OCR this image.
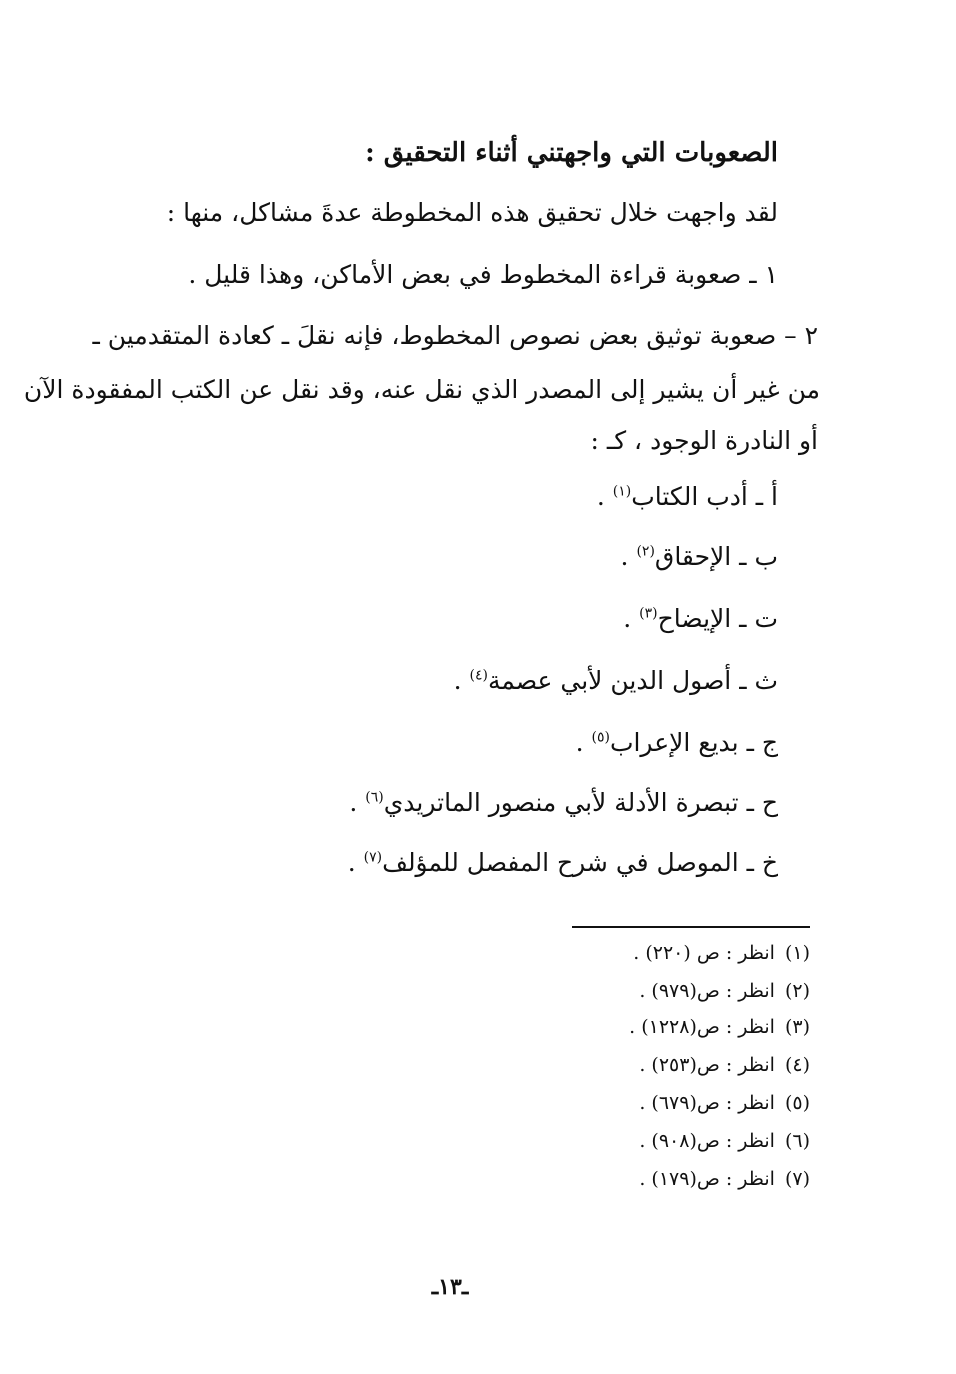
الصعوبات التي واجهتني أثناء التحقيق :
لقد واجهت خلال تحقيق هذه المخطوطة عدةَ مشاكل، منها :
١ ـ صعوبة قراءة المخطوط في بعض الأماكن، وهذا قليل .
٢ – صعوبة توثيق بعض نصوص المخطوط، فإنه نقلَ ـ كعادة المتقدمين ـ
من غير أن يشير إلى المصدر الذي نقل عنه، وقد نقل عن الكتب المفقودة الآن
أو النادرة الوجود ، كـ :
أ ـ أدب الكتاب$^{(١)}$ .
ب ـ الإحقاق$^{(٢)}$ .
ت ـ الإيضاح$^{(٣)}$ .
ث ـ أصول الدين لأبي عصمة$^{(٤)}$ .
ج ـ بديع الإعراب$^{(٥)}$ .
ح ـ تبصرة الأدلة لأبي منصور الماتريدي$^{(٦)}$ .
خ ـ الموصل في شرح المفصل للمؤلف$^{(٧)}$ .
(١)انظر : ص (٢٢٠) .
(٢)انظر : ص(٩٧٩) .
(٣)انظر : ص(١٢٢٨) .
(٤)انظر : ص(٢٥٣) .
(٥)انظر : ص(٦٧٩) .
(٦)انظر : ص(٩٠٨) .
(٧)انظر : ص(١٧٩) .
ـ١٣ـ
